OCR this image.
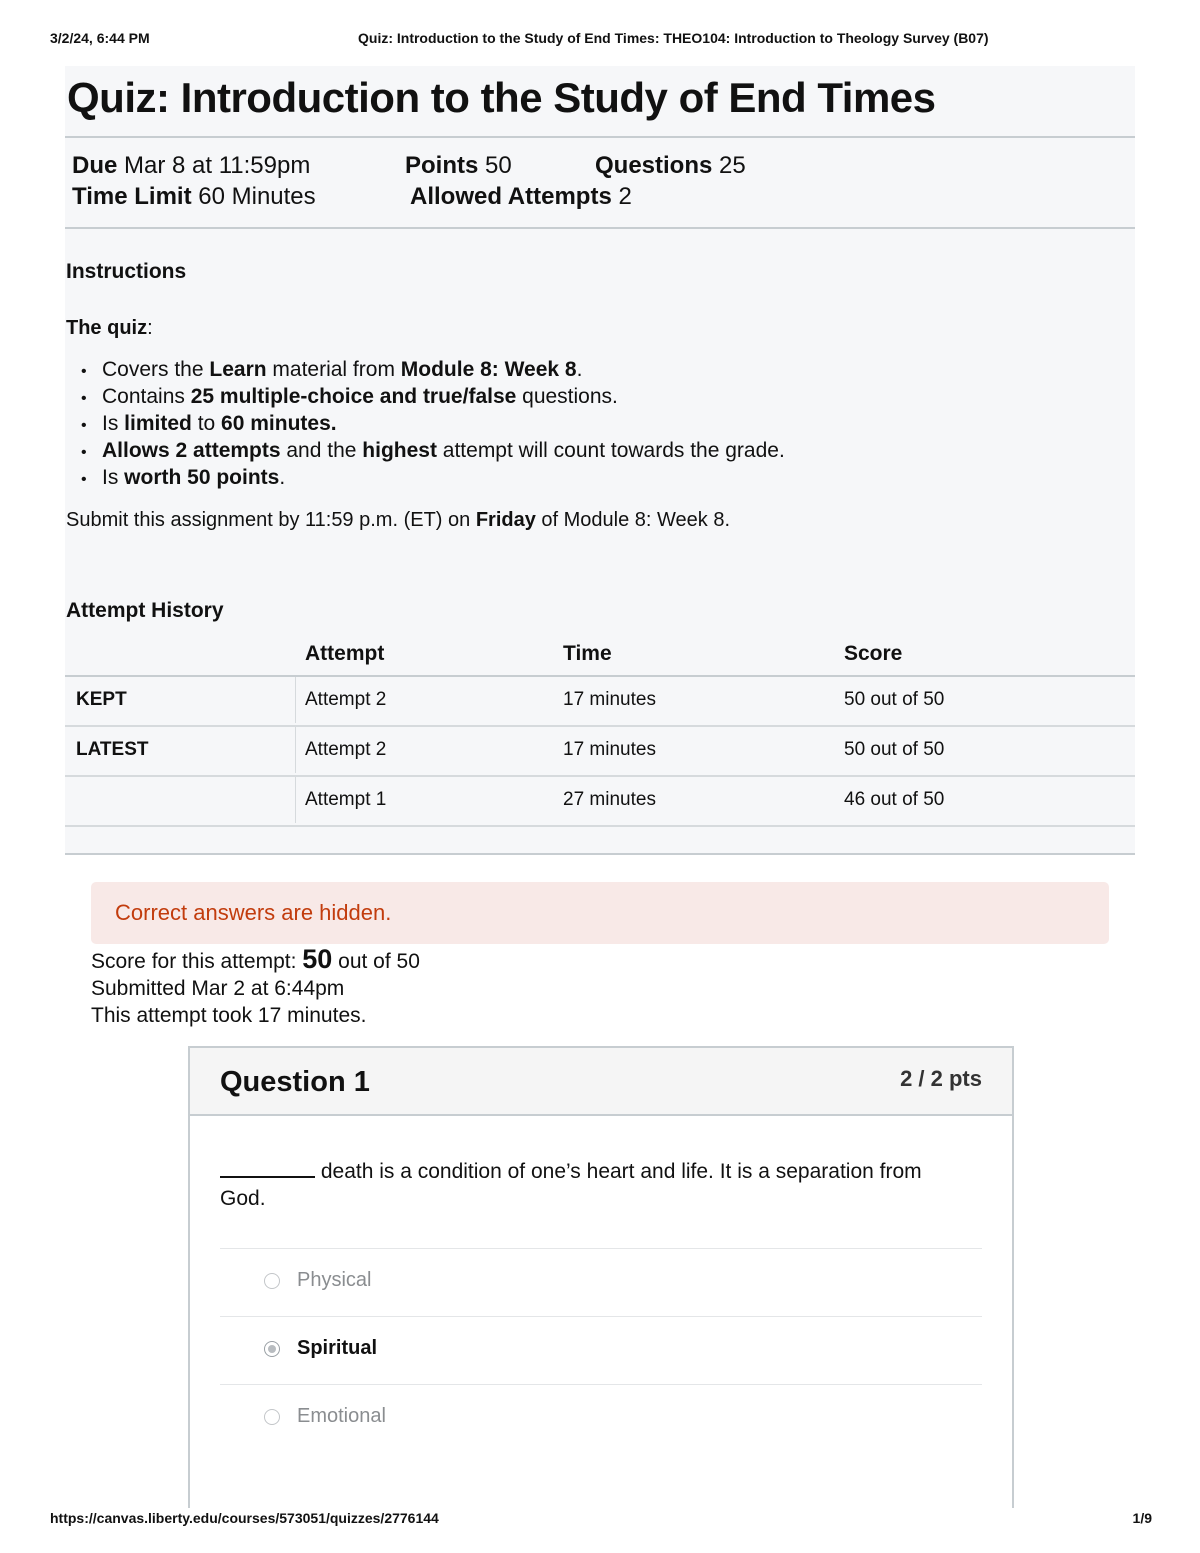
3/2/24, 6:44 PM	Quiz: Introduction to the Study of End Times: THEO104: Introduction to Theology Survey (B07)
Quiz: Introduction to the Study of End Times
Due Mar 8 at 11:59pm	Points 50	Questions 25
Time Limit 60 Minutes	Allowed Attempts 2
Instructions
The quiz:
• Covers the Learn material from Module 8: Week 8.
• Contains 25 multiple-choice and true/false questions.
• Is limited to 60 minutes.
• Allows 2 attempts and the highest attempt will count towards the grade.
• Is worth 50 points.
Submit this assignment by 11:59 p.m. (ET) on Friday of Module 8: Week 8.
Attempt History
Attempt	Time	Score
KEPT	Attempt 2	17 minutes	50 out of 50
LATEST	Attempt 2	17 minutes	50 out of 50
Attempt 1	27 minutes	46 out of 50
Correct answers are hidden.
Score for this attempt: 50 out of 50
Submitted Mar 2 at 6:44pm
This attempt took 17 minutes.
Question 1	2 / 2 pts
death is a condition of one’s heart and life. It is a separation from God.
Physical
Spiritual
Emotional
https://canvas.liberty.edu/courses/573051/quizzes/2776144	1/9
